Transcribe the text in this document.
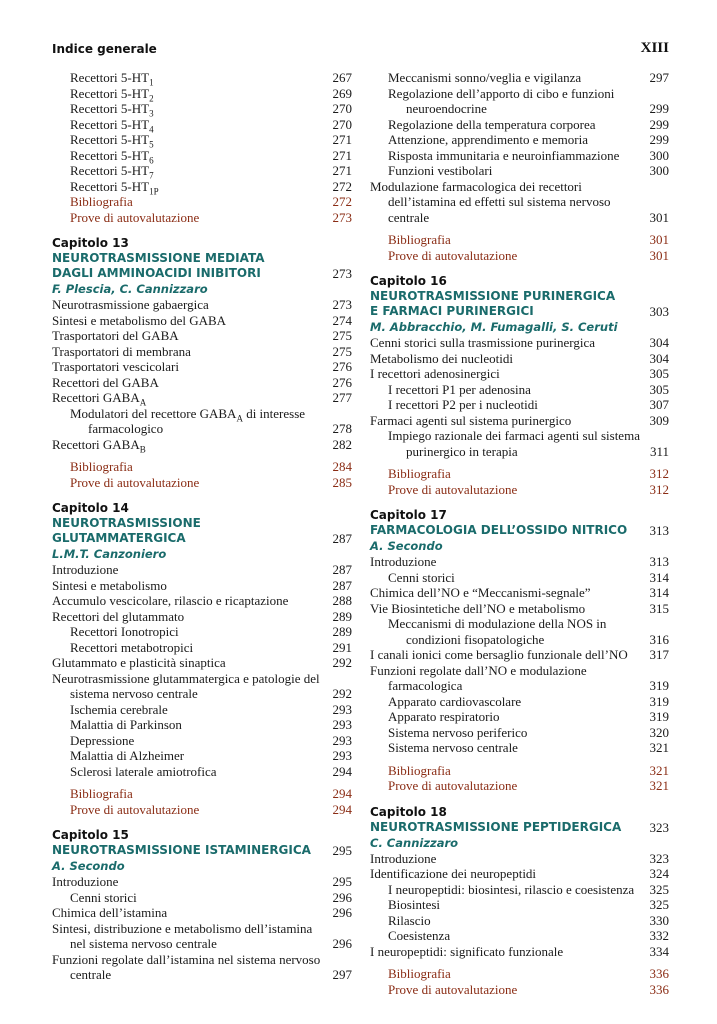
Indice generale	XIII
Recettori $5-HT_1$	267
Recettori $5-HT_2$	269
Recettori $5-HT_3$	270
Recettori $5-HT_4$	270
Recettori $5-HT_5$	271
Recettori $5-HT_6$	271
Recettori $5-HT_7$	271
Recettori $5-HT_{1P}$	272
Bibliografia	272
Prove di autovalutazione	273
Capitolo 13
NEUROTRASMISSIONE MEDIATA
DAGLI AMMINOACIDI INIBITORI	273
F. Plescia, C. Cannizzaro
Neurotrasmissione gabaergica	273
Sintesi e metabolismo del GABA	274
Trasportatori del GABA	275
Trasportatori di membrana	275
Trasportatori vescicolari	276
Recettori del GABA	276
Recettori $GABA_A$	277
Modulatori del recettore $GABA_A$ di interesse farmacologico	278
Recettori $GABA_B$	282
Bibliografia	284
Prove di autovalutazione	285
Capitolo 14
NEUROTRASMISSIONE
GLUTAMMATERGICA	287
L.M.T. Canzoniero
Introduzione	287
Sintesi e metabolismo	287
Accumulo vescicolare, rilascio e ricaptazione	288
Recettori del glutammato	289
Recettori Ionotropici	289
Recettori metabotropici	291
Glutammato e plasticità sinaptica	292
Neurotrasmissione glutammatergica e patologie del sistema nervoso centrale	292
Ischemia cerebrale	293
Malattia di Parkinson	293
Depressione	293
Malattia di Alzheimer	293
Sclerosi laterale amiotrofica	294
Bibliografia	294
Prove di autovalutazione	294
Capitolo 15
NEUROTRASMISSIONE ISTAMINERGICA 295
A. Secondo
Introduzione	295
Cenni storici	296
Chimica dell’istamina	296
Sintesi, distribuzione e metabolismo dell’istamina nel sistema nervoso centrale	296
Funzioni regolate dall’istamina nel sistema nervoso centrale	297
Meccanismi sonno/veglia e vigilanza	297
Regolazione dell’apporto di cibo e funzioni neuroendocrine	299
Regolazione della temperatura corporea	299
Attenzione, apprendimento e memoria	299
Risposta immunitaria e neuroinfiammazione	300
Funzioni vestibolari	300
Modulazione farmacologica dei recettori dell’istamina ed effetti sul sistema nervoso centrale	301
Bibliografia	301
Prove di autovalutazione	301
Capitolo 16
NEUROTRASMISSIONE PURINERGICA
E FARMACI PURINERGICI	303
M. Abbracchio, M. Fumagalli, S. Ceruti
Cenni storici sulla trasmissione purinergica	304
Metabolismo dei nucleotidi	304
I recettori adenosinergici	305
I recettori P1 per adenosina	305
I recettori P2 per i nucleotidi	307
Farmaci agenti sul sistema purinergico	309
Impiego razionale dei farmaci agenti sul sistema purinergico in terapia	311
Bibliografia	312
Prove di autovalutazione	312
Capitolo 17
FARMACOLOGIA DELL’OSSIDO NITRICO 313
A. Secondo
Introduzione	313
Cenni storici	314
Chimica dell’NO e “Meccanismi-segnale”	314
Vie Biosintetiche dell’NO e metabolismo	315
Meccanismi di modulazione della NOS in condizioni fisopatologiche	316
I canali ionici come bersaglio funzionale dell’NO	317
Funzioni regolate dall’NO e modulazione farmacologica	319
Apparato cardiovascolare	319
Apparato respiratorio	319
Sistema nervoso periferico	320
Sistema nervoso centrale	321
Bibliografia	321
Prove di autovalutazione	321
Capitolo 18
NEUROTRASMISSIONE PEPTIDERGICA 323
C. Cannizzaro
Introduzione	323
Identificazione dei neuropeptidi	324
I neuropeptidi: biosintesi, rilascio e coesistenza	325
Biosintesi	325
Rilascio	330
Coesistenza	332
I neuropeptidi: significato funzionale	334
Bibliografia	336
Prove di autovalutazione	336
